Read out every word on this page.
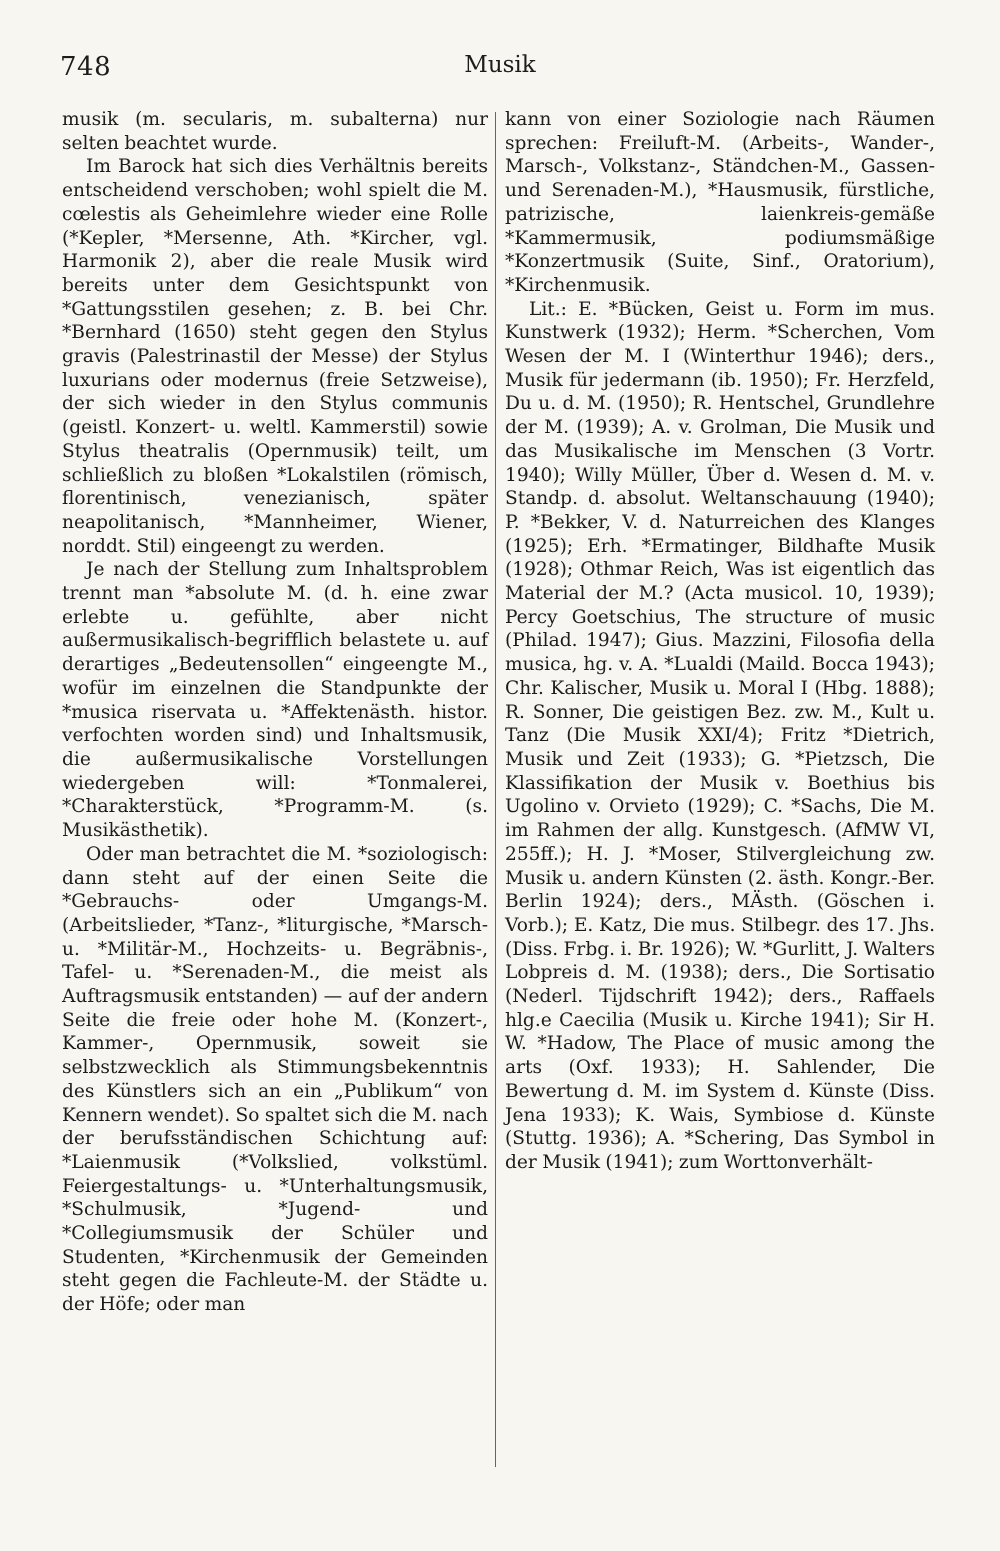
748	Musik

musik (m. secularis, m. subalterna) nur selten beachtet wurde.

Im Barock hat sich dies Verhältnis bereits entscheidend verschoben; wohl spielt die M. cœlestis als Geheimlehre wieder eine Rolle (*Kepler, *Mersenne, Ath. *Kircher, vgl. Harmonik 2), aber die reale Musik wird bereits unter dem Gesichtspunkt von *Gattungsstilen gesehen; z. B. bei Chr. *Bernhard (1650) steht gegen den Stylus gravis (Palestrinastil der Messe) der Stylus luxurians oder modernus (freie Setzweise), der sich wieder in den Stylus communis (geistl. Konzert- u. weltl. Kammerstil) sowie Stylus theatralis (Opernmusik) teilt, um schließlich zu bloßen *Lokalstilen (römisch, florentinisch, venezianisch, später neapolitanisch, *Mannheimer, Wiener, norddt. Stil) eingeengt zu werden.

Je nach der Stellung zum Inhaltsproblem trennt man *absolute M. (d. h. eine zwar erlebte u. gefühlte, aber nicht außermusikalisch-begrifflich belastete u. auf derartiges „Bedeutensollen“ eingeengte M., wofür im einzelnen die Standpunkte der *musica riservata u. *Affektenästh. histor. verfochten worden sind) und Inhaltsmusik, die außermusikalische Vorstellungen wiedergeben will: *Tonmalerei, *Charakterstück, *Programm-M. (s. Musikästhetik).

Oder man betrachtet die M. *soziologisch: dann steht auf der einen Seite die *Gebrauchs- oder Umgangs-M. (Arbeitslieder, *Tanz-, *liturgische, *Marsch- u. *Militär-M., Hochzeits- u. Begräbnis-, Tafel- u. *Serenaden-M., die meist als Auftragsmusik entstanden) — auf der andern Seite die freie oder hohe M. (Konzert-, Kammer-, Opernmusik, soweit sie selbstzwecklich als Stimmungsbekenntnis des Künstlers sich an ein „Publikum“ von Kennern wendet). So spaltet sich die M. nach der berufsständischen Schichtung auf: *Laienmusik (*Volkslied, volkstüml. Feiergestaltungs- u. *Unterhaltungsmusik, *Schulmusik, *Jugend- und *Collegiumsmusik der Schüler und Studenten, *Kirchenmusik der Gemeinden steht gegen die Fachleute-M. der Städte u. der Höfe; oder man

kann von einer Soziologie nach Räumen sprechen: Freiluft-M. (Arbeits-, Wander-, Marsch-, Volkstanz-, Ständchen-M., Gassen- und Serenaden-M.), *Hausmusik, fürstliche, patrizische, laienkreis-gemäße *Kammermusik, podiumsmäßige *Konzertmusik (Suite, Sinf., Oratorium), *Kirchenmusik.

Lit.: E. *Bücken, Geist u. Form im mus. Kunstwerk (1932); Herm. *Scherchen, Vom Wesen der M. I (Winterthur 1946); ders., Musik für jedermann (ib. 1950); Fr. Herzfeld, Du u. d. M. (1950); R. Hentschel, Grundlehre der M. (1939); A. v. Grolman, Die Musik und das Musikalische im Menschen (3 Vortr. 1940); Willy Müller, Über d. Wesen d. M. v. Standp. d. absolut. Weltanschauung (1940); P. *Bekker, V. d. Naturreichen des Klanges (1925); Erh. *Ermatinger, Bildhafte Musik (1928); Othmar Reich, Was ist eigentlich das Material der M.? (Acta musicol. 10, 1939); Percy Goetschius, The structure of music (Philad. 1947); Gius. Mazzini, Filosofia della musica, hg. v. A. *Lualdi (Maild. Bocca 1943); Chr. Kalischer, Musik u. Moral I (Hbg. 1888); R. Sonner, Die geistigen Bez. zw. M., Kult u. Tanz (Die Musik XXI/4); Fritz *Dietrich, Musik und Zeit (1933); G. *Pietzsch, Die Klassifikation der Musik v. Boethius bis Ugolino v. Orvieto (1929); C. *Sachs, Die M. im Rahmen der allg. Kunstgesch. (AfMW VI, 255ff.); H. J. *Moser, Stilvergleichung zw. Musik u. andern Künsten (2. ästh. Kongr.-Ber. Berlin 1924); ders., MÄsth. (Göschen i. Vorb.); E. Katz, Die mus. Stilbegr. des 17. Jhs. (Diss. Frbg. i. Br. 1926); W. *Gurlitt, J. Walters Lobpreis d. M. (1938); ders., Die Sortisatio (Nederl. Tijdschrift 1942); ders., Raffaels hlg.e Caecilia (Musik u. Kirche 1941); Sir H. W. *Hadow, The Place of music among the arts (Oxf. 1933); H. Sahlender, Die Bewertung d. M. im System d. Künste (Diss. Jena 1933); K. Wais, Symbiose d. Künste (Stuttg. 1936); A. *Schering, Das Symbol in der Musik (1941); zum Worttonverhält-
